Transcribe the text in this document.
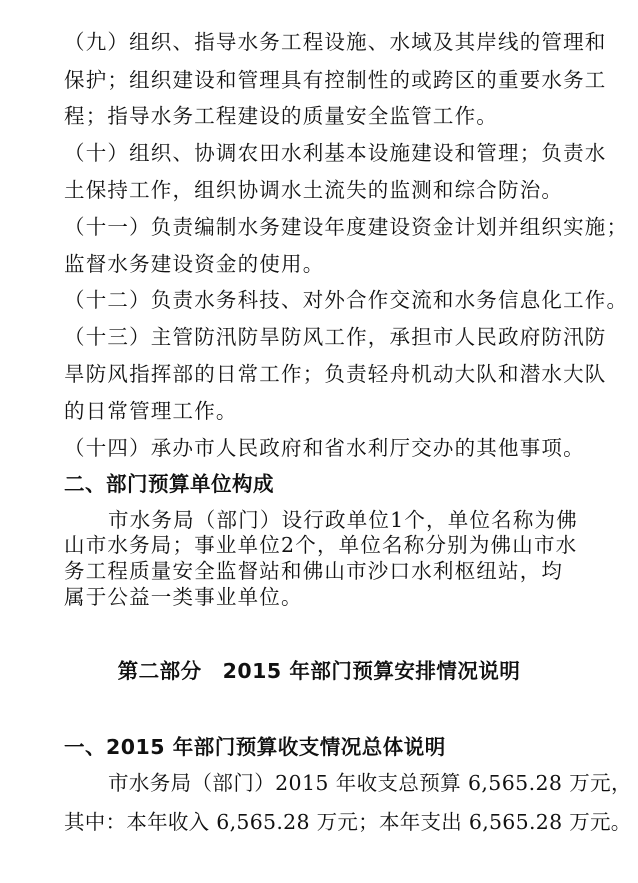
（九）组织、指导水务工程设施、水域及其岸线的管理和
保护；组织建设和管理具有控制性的或跨区的重要水务工
程；指导水务工程建设的质量安全监管工作。
（十）组织、协调农田水利基本设施建设和管理；负责水
土保持工作，组织协调水土流失的监测和综合防治。
（十一）负责编制水务建设年度建设资金计划并组织实施；
监督水务建设资金的使用。
（十二）负责水务科技、对外合作交流和水务信息化工作。
（十三）主管防汛防旱防风工作，承担市人民政府防汛防
旱防风指挥部的日常工作；负责轻舟机动大队和潜水大队
的日常管理工作。
（十四）承办市人民政府和省水利厅交办的其他事项。
二、部门预算单位构成
市水务局（部门）设行政单位1个，单位名称为佛
山市水务局；事业单位2个，单位名称分别为佛山市水
务工程质量安全监督站和佛山市沙口水利枢纽站，均
属于公益一类事业单位。
第二部分　2015 年部门预算安排情况说明
一、2015 年部门预算收支情况总体说明
市水务局（部门）2015 年收支总预算 6,565.28 万元，
其中：本年收入 6,565.28 万元；本年支出 6,565.28 万元。
